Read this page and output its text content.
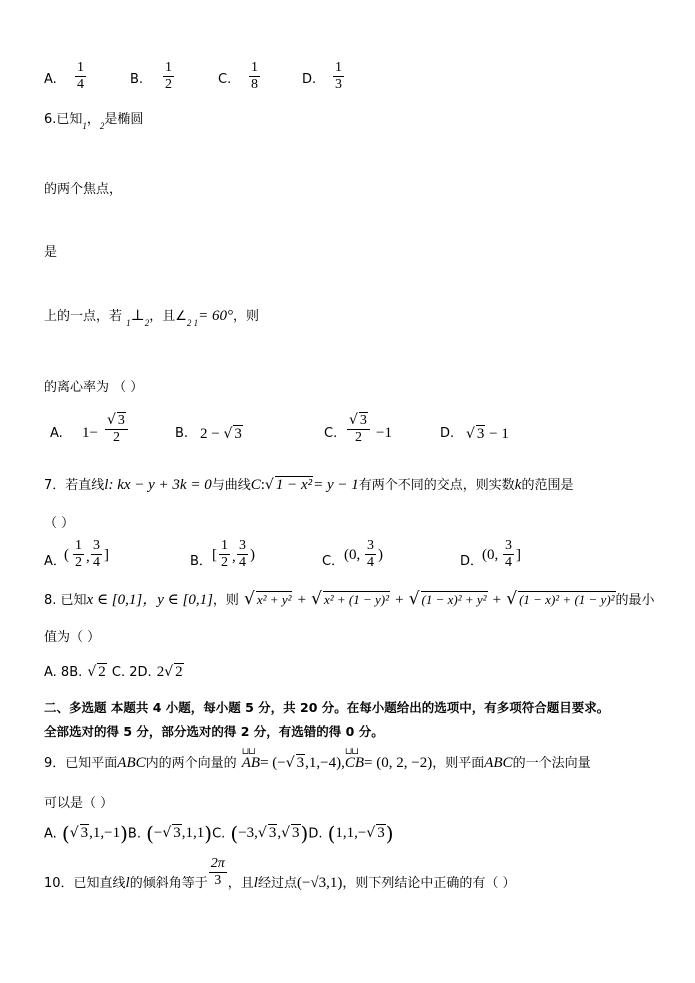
A. $\frac{1}{4}$	B. $\frac{1}{2}$	C. $\frac{1}{8}$	D. $\frac{1}{3}$
6.已知$_1$，$_2$是椭圆
的两个焦点，
是
上的一点，若 $_1\perp_2$，且$\angle_{2 1}= 60^\circ$，则
的离心率为 （ ）
A. $1- \frac{√ 3}{2}$	B. 2 − √ 3	C. $\frac{√ 3}{2} -1$	D. √ 3 − 1
7．若直线l: kx − y + 3k = 0与曲线C:√ 1 − x²= y − 1有两个不同的交点，则实数k的范围是
（ ）
A．
( $\frac{1}{2}$ , $\frac{3}{4}$ ]	B． [ $\frac{1}{2}$ , $\frac{3}{4}$ )	C． (0, $\frac{3}{4}$ )	D．
(0, $\frac{3}{4}$ ]
8. 已知x ∈ [0,1]，y ∈ [0,1]，则 √ x² + y² + √ x² + (1 − y)² + √ (1 − x)² + y² + √ (1 − x)² + (1 − y)²的最小
值为（ ）
A. 8B. √ 2 C. 2D. 2√ 2
二、多选题 本题共 4 小题，每小题 5 分，共 20 分。在每小题给出的选项中，有多项符合题目要求。
全部选对的得 5 分，部分选对的得 2 分，有选错的得 0 分。
9．已知平面ABC内的两个向量的
⊔⊔
AB= (−√ 3,1,−4),
⊔⊔
CB= (0, 2, −2)，则平面ABC的一个法向量
可以是（ ）
A. (√ 3,1,−1)B. (−√ 3,1,1)C. (−3,√ 3,√ 3)D. (1,1,−√ 3)
$_{10.已知直线}l_{的倾斜角等于} \frac{2\pi}{3} _{,且}l_{经过点}(-√3,1)_{,则下列结论中正确的有( )}$
